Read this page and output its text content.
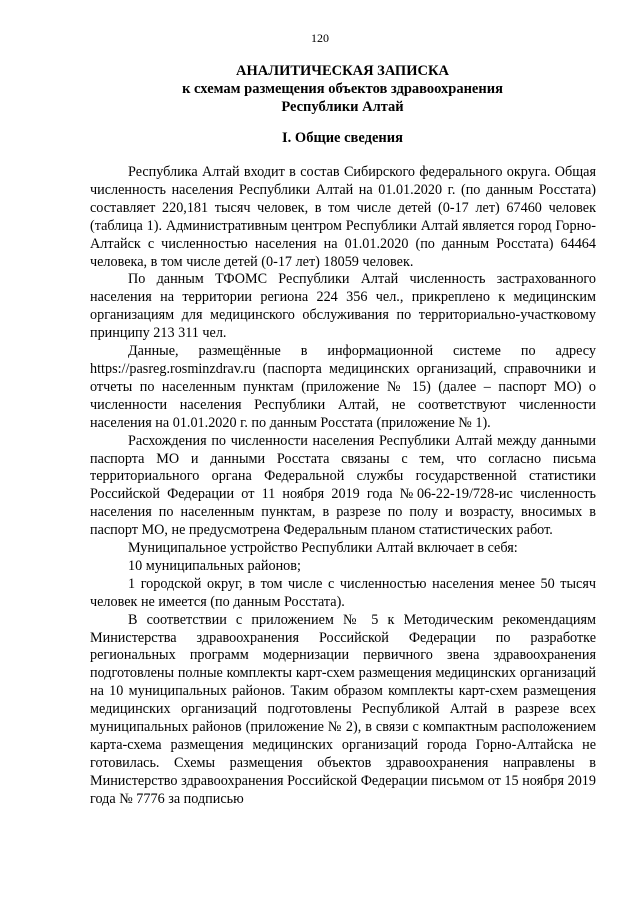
120
АНАЛИТИЧЕСКАЯ ЗАПИСКА
к схемам размещения объектов здравоохранения
Республики Алтай
I. Общие сведения

Республика Алтай входит в состав Сибирского федерального округа. Общая численность населения Республики Алтай на 01.01.2020 г. (по данным Росстата) составляет 220,181 тысяч человек, в том числе детей (0-17 лет) 67460 человек (таблица 1). Административным центром Республики Алтай является город Горно-Алтайск с численностью населения на 01.01.2020 (по данным Росстата) 64464 человека, в том числе детей (0-17 лет) 18059 человек.

По данным ТФОМС Республики Алтай численность застрахованного населения на территории региона 224 356 чел., прикреплено к медицинским организациям для медицинского обслуживания по территориально-участковому принципу 213 311 чел.

Данные, размещённые в информационной системе по адресу https://pasreg.rosminzdrav.ru (паспорта медицинских организаций, справочники и отчеты по населенным пунктам (приложение № 15) (далее – паспорт МО) о численности населения Республики Алтай, не соответствуют численности населения на 01.01.2020 г. по данным Росстата (приложение № 1).

Расхождения по численности населения Республики Алтай между данными паспорта МО и данными Росстата связаны с тем, что согласно письма территориального органа Федеральной службы государственной статистики Российской Федерации от 11 ноября 2019 года №06-22-19/728-ис численность населения по населенным пунктам, в разрезе по полу и возрасту, вносимых в паспорт МО, не предусмотрена Федеральным планом статистических работ.

Муниципальное устройство Республики Алтай включает в себя:

10 муниципальных районов;

1 городской округ, в том числе с численностью населения менее 50 тысяч человек не имеется (по данным Росстата).

В соответствии с приложением № 5 к Методическим рекомендациям Министерства здравоохранения Российской Федерации по разработке региональных программ модернизации первичного звена здравоохранения подготовлены полные комплекты карт-схем размещения медицинских организаций на 10 муниципальных районов. Таким образом комплекты карт-схем размещения медицинских организаций подготовлены Республикой Алтай в разрезе всех муниципальных районов (приложение № 2), в связи с компактным расположением карта-схема размещения медицинских организаций города Горно-Алтайска не готовилась. Схемы размещения объектов здравоохранения направлены в Министерство здравоохранения Российской Федерации письмом от 15 ноября 2019 года № 7776 за подписью
